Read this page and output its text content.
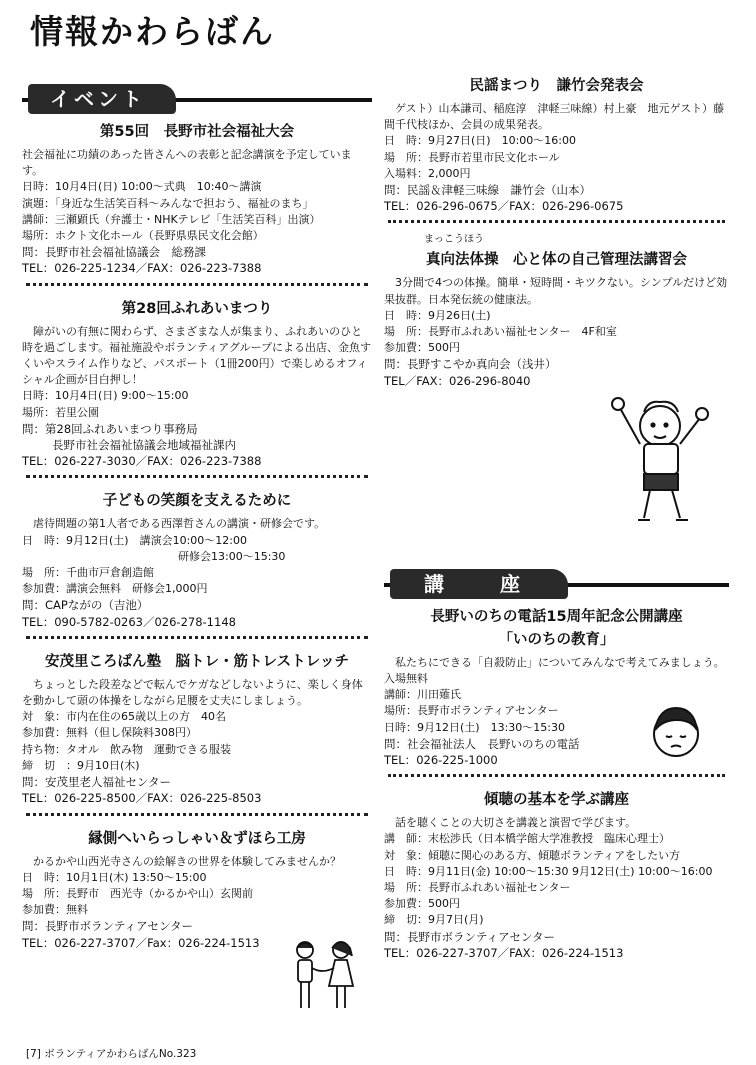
情報かわらばん
イベント
第55回　長野市社会福祉大会
社会福祉に功績のあった皆さんへの表彰と記念講演を予定しています。
日時：10月4日(日) 10:00～式典　10:40～講演
演題：「身近な生活笑百科～みんなで担おう、福祉のまち」
講師：三瀬顕氏（弁護士・NHKテレビ「生活笑百科」出演）
場所：ホクト文化ホール（長野県県民文化会館）
問：長野市社会福祉協議会　総務課
TEL：026-225-1234／FAX：026-223-7388
第28回ふれあいまつり
障がいの有無に関わらず、さまざまな人が集まり、ふれあいのひと時を過ごします。福祉施設やボランティアグループによる出店、金魚すくいやスライム作りなど、パスポート（1冊200円）で楽しめるオフィシャル企画が目白押し！
日時：10月4日(日) 9:00～15:00
場所：若里公園
問：第28回ふれあいまつり事務局
長野市社会福祉協議会地域福祉課内
TEL：026-227-3030／FAX：026-223-7388
子どもの笑顔を支えるために
虐待問題の第1人者である西澤哲さんの講演・研修会です。
日　時：9月12日(土)　講演会10:00～12:00
研修会13:00～15:30
場　所：千曲市戸倉創造館
参加費：講演会無料　研修会1,000円
問：CAPながの（吉池）
TEL：090-5782-0263／026-278-1148
安茂里ころばん塾　脳トレ・筋トレストレッチ
ちょっとした段差などで転んでケガなどしないように、楽しく身体を動かして頭の体操をしながら足腰を丈夫にしましょう。
対　象：市内在住の65歳以上の方　40名
参加費：無料（但し保険料308円）
持ち物：タオル　飲み物　運動できる服装
締　切　：9月10日(木)
問：安茂里老人福祉センター
TEL：026-225-8500／FAX：026-225-8503
縁側へいらっしゃい＆ずほら工房
かるかや山西光寺さんの絵解きの世界を体験してみませんか？
日　時：10月1日(木) 13:50～15:00
場　所：長野市　西光寺（かるかや山）玄関前
参加費：無料
問：長野市ボランティアセンター
TEL：026-227-3707／Fax：026-224-1513
民謡まつり　謙竹会発表会
ゲスト）山本謙司、稲庭淳　津軽三味線）村上豪　地元ゲスト）藤間千代枝ほか、会員の成果発表。
日　時：9月27日(日)　10:00～16:00
場　所：長野市若里市民文化ホール
入場料：2,000円
問：民謡＆津軽三味線　謙竹会（山本）
TEL：026-296-0675／FAX：026-296-0675
まっこうほう
真向法体操　心と体の自己管理法講習会
3分間で4つの体操。簡単・短時間・キツクない。シンプルだけど効果抜群。日本発伝統の健康法。
日　時：9月26日(土)
場　所：長野市ふれあい福祉センター　4F和室
参加費：500円
問：長野すこやか真向会（浅井）
TEL／FAX：026-296-8040
講　座
長野いのちの電話15周年記念公開講座
「いのちの教育」
私たちにできる「自殺防止」についてみんなで考えてみましょう。入場無料
講師：川田薙氏
場所：長野市ボランティアセンター
日時：9月12日(土)　13:30～15:30
問：社会福祉法人　長野いのちの電話
TEL：026-225-1000
傾聴の基本を学ぶ講座
話を聴くことの大切さを講義と演習で学びます。
講　師：末松渉氏（日本橋学館大学准教授　臨床心理士）
対　象：傾聴に関心のある方、傾聴ボランティアをしたい方
日　時：9月11日(金) 10:00～15:30 9月12日(土) 10:00～16:00
場　所：長野市ふれあい福祉センター
参加費：500円
締　切：9月7日(月)
問：長野市ボランティアセンター
TEL：026-227-3707／FAX：026-224-1513
[7] ボランティアかわらばんNo.323
